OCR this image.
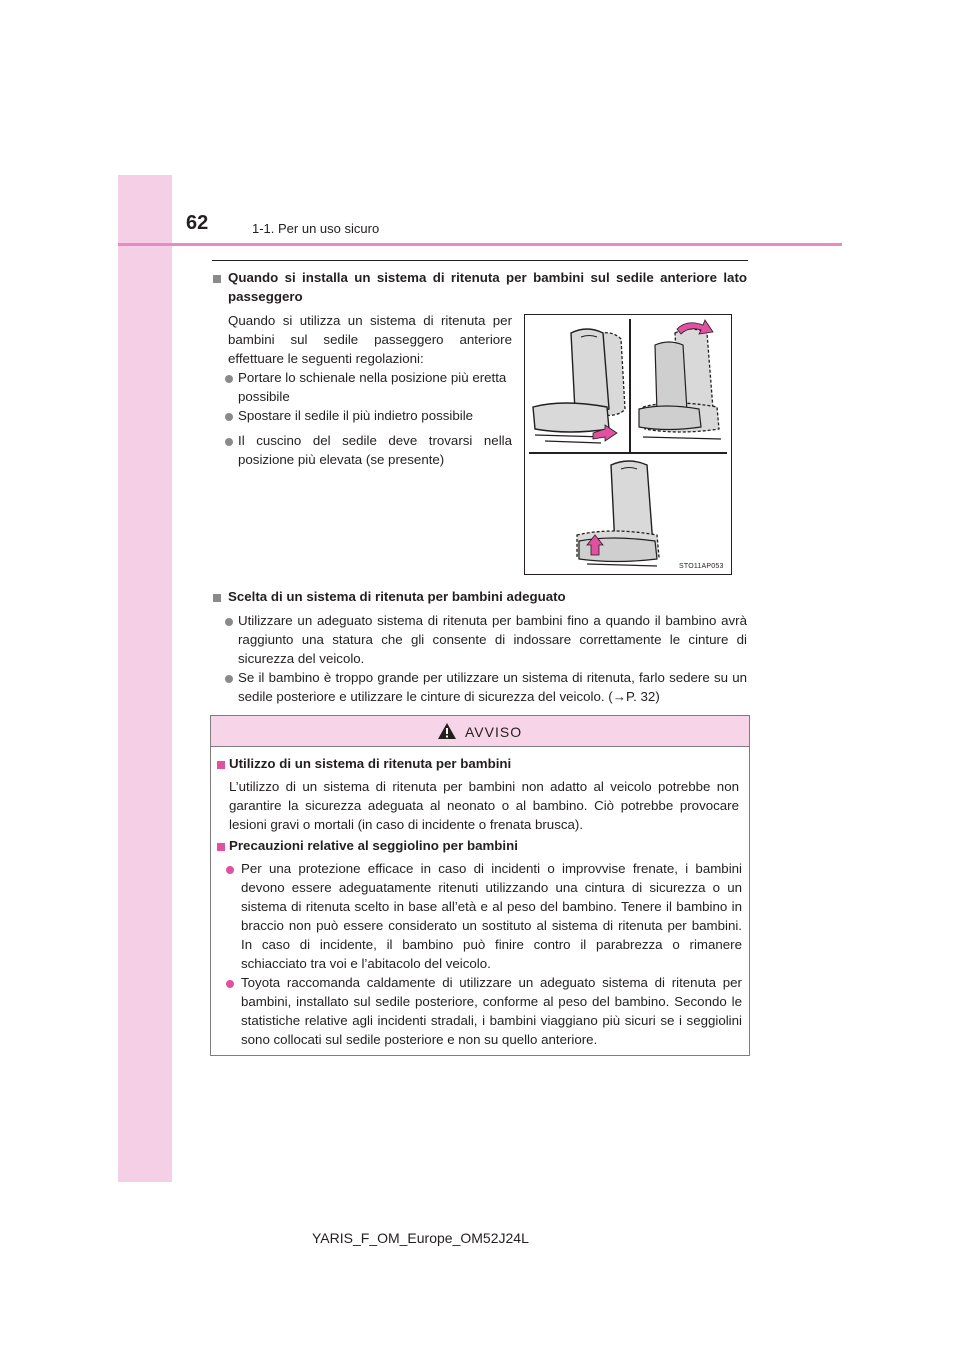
62	1-1. Per un uso sicuro
Quando si installa un sistema di ritenuta per bambini sul sedile anteriore lato
passeggero
Quando si utilizza un sistema di ritenuta per
bambini sul sedile passeggero anteriore
effettuare le seguenti regolazioni:
Portare lo schienale nella posizione più eretta
possibile
Spostare il sedile il più indietro possibile
Il cuscino del sedile deve trovarsi nella
posizione più elevata (se presente)
STO11AP053
Scelta di un sistema di ritenuta per bambini adeguato
Utilizzare un adeguato sistema di ritenuta per bambini fino a quando il bambino avrà
raggiunto una statura che gli consente di indossare correttamente le cinture di
sicurezza del veicolo.
Se il bambino è troppo grande per utilizzare un sistema di ritenuta, farlo sedere su un
sedile posteriore e utilizzare le cinture di sicurezza del veicolo. (→P. 32)
AVVISO
Utilizzo di un sistema di ritenuta per bambini
L’utilizzo di un sistema di ritenuta per bambini non adatto al veicolo potrebbe non
garantire la sicurezza adeguata al neonato o al bambino. Ciò potrebbe provocare
lesioni gravi o mortali (in caso di incidente o frenata brusca).
Precauzioni relative al seggiolino per bambini
Per una protezione efficace in caso di incidenti o improvvise frenate, i bambini
devono essere adeguatamente ritenuti utilizzando una cintura di sicurezza o un
sistema di ritenuta scelto in base all’età e al peso del bambino. Tenere il bambino in
braccio non può essere considerato un sostituto al sistema di ritenuta per bambini.
In caso di incidente, il bambino può finire contro il parabrezza o rimanere
schiacciato tra voi e l’abitacolo del veicolo.
Toyota raccomanda caldamente di utilizzare un adeguato sistema di ritenuta per
bambini, installato sul sedile posteriore, conforme al peso del bambino. Secondo le
statistiche relative agli incidenti stradali, i bambini viaggiano più sicuri se i seggiolini
sono collocati sul sedile posteriore e non su quello anteriore.
YARIS_F_OM_Europe_OM52J24L
